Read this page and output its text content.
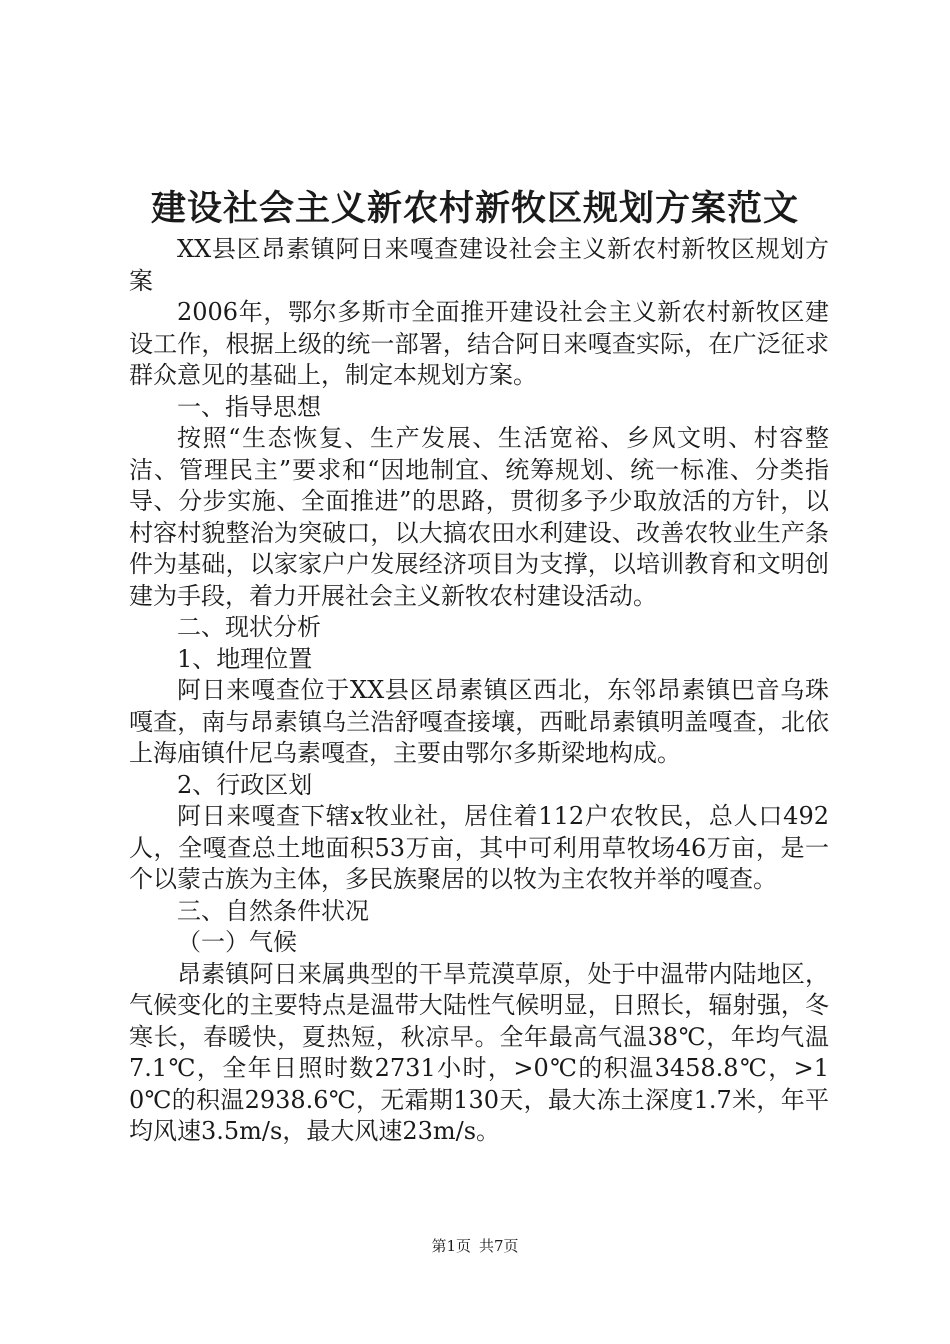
建设社会主义新农村新牧区规划方案范文

XX县区昂素镇阿日来嘎查建设社会主义新农村新牧区规划方案

2006年，鄂尔多斯市全面推开建设社会主义新农村新牧区建设工作，根据上级的统一部署，结合阿日来嘎查实际，在广泛征求群众意见的基础上，制定本规划方案。

一、指导思想

按照“生态恢复、生产发展、生活宽裕、乡风文明、村容整洁、管理民主”要求和“因地制宜、统筹规划、统一标准、分类指导、分步实施、全面推进”的思路，贯彻多予少取放活的方针，以村容村貌整治为突破口，以大搞农田水利建设、改善农牧业生产条件为基础，以家家户户发展经济项目为支撑，以培训教育和文明创建为手段，着力开展社会主义新牧农村建设活动。

二、现状分析

1、地理位置

阿日来嘎查位于XX县区昂素镇区西北，东邻昂素镇巴音乌珠嘎查，南与昂素镇乌兰浩舒嘎查接壤，西毗昂素镇明盖嘎查，北依上海庙镇什尼乌素嘎查，主要由鄂尔多斯梁地构成。

2、行政区划

阿日来嘎查下辖x牧业社，居住着112户农牧民，总人口492人，全嘎查总土地面积53万亩，其中可利用草牧场46万亩，是一个以蒙古族为主体，多民族聚居的以牧为主农牧并举的嘎查。

三、自然条件状况

（一）气候

昂素镇阿日来属典型的干旱荒漠草原，处于中温带内陆地区，气候变化的主要特点是温带大陆性气候明显，日照长，辐射强，冬寒长，春暖快，夏热短，秋凉早。全年最高气温38℃，年均气温7.1℃，全年日照时数2731小时，>0℃的积温3458.8℃，>10℃的积温2938.6℃，无霜期130天，最大冻土深度1.7米，年平均风速3.5m/s，最大风速23m/s。

第1页 共7页
